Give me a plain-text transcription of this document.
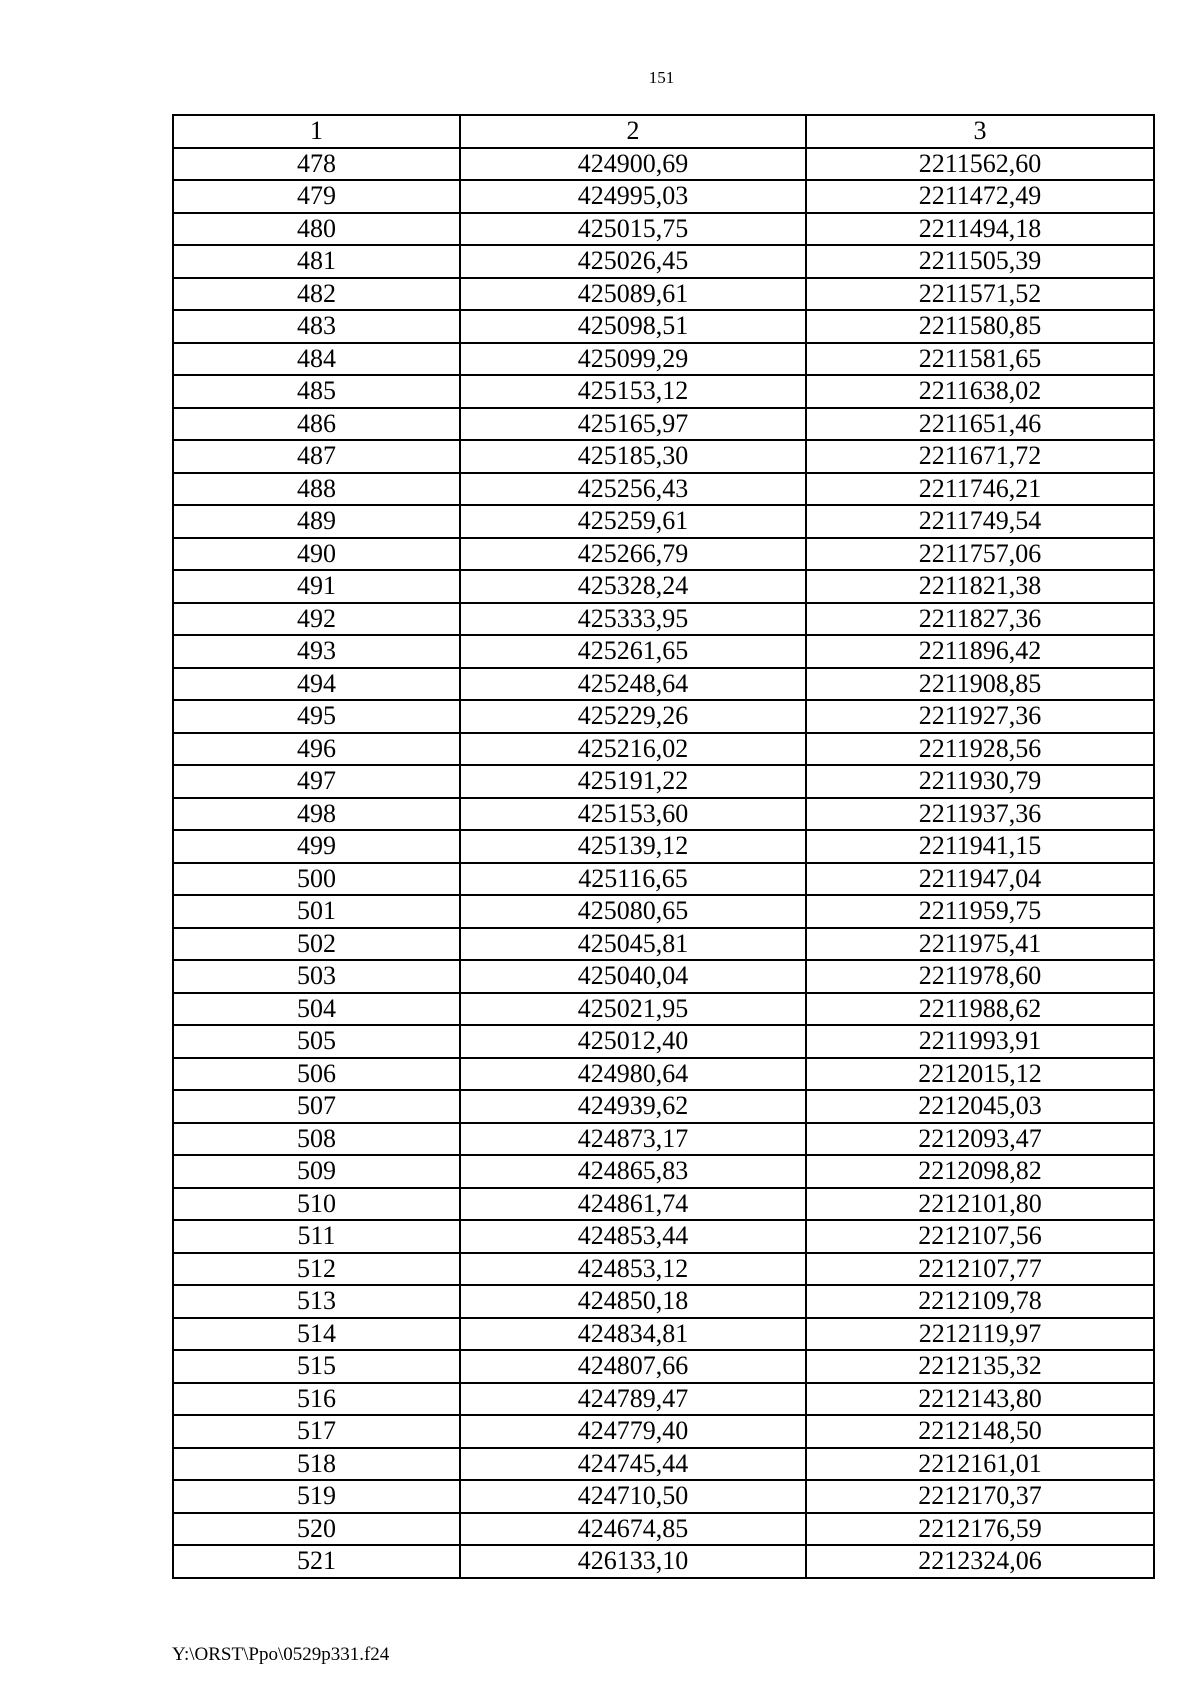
151
1	2	3
478	424900,69	2211562,60
479	424995,03	2211472,49
480	425015,75	2211494,18
481	425026,45	2211505,39
482	425089,61	2211571,52
483	425098,51	2211580,85
484	425099,29	2211581,65
485	425153,12	2211638,02
486	425165,97	2211651,46
487	425185,30	2211671,72
488	425256,43	2211746,21
489	425259,61	2211749,54
490	425266,79	2211757,06
491	425328,24	2211821,38
492	425333,95	2211827,36
493	425261,65	2211896,42
494	425248,64	2211908,85
495	425229,26	2211927,36
496	425216,02	2211928,56
497	425191,22	2211930,79
498	425153,60	2211937,36
499	425139,12	2211941,15
500	425116,65	2211947,04
501	425080,65	2211959,75
502	425045,81	2211975,41
503	425040,04	2211978,60
504	425021,95	2211988,62
505	425012,40	2211993,91
506	424980,64	2212015,12
507	424939,62	2212045,03
508	424873,17	2212093,47
509	424865,83	2212098,82
510	424861,74	2212101,80
511	424853,44	2212107,56
512	424853,12	2212107,77
513	424850,18	2212109,78
514	424834,81	2212119,97
515	424807,66	2212135,32
516	424789,47	2212143,80
517	424779,40	2212148,50
518	424745,44	2212161,01
519	424710,50	2212170,37
520	424674,85	2212176,59
521	426133,10	2212324,06
Y:\ORST\Ppo\0529p331.f24
